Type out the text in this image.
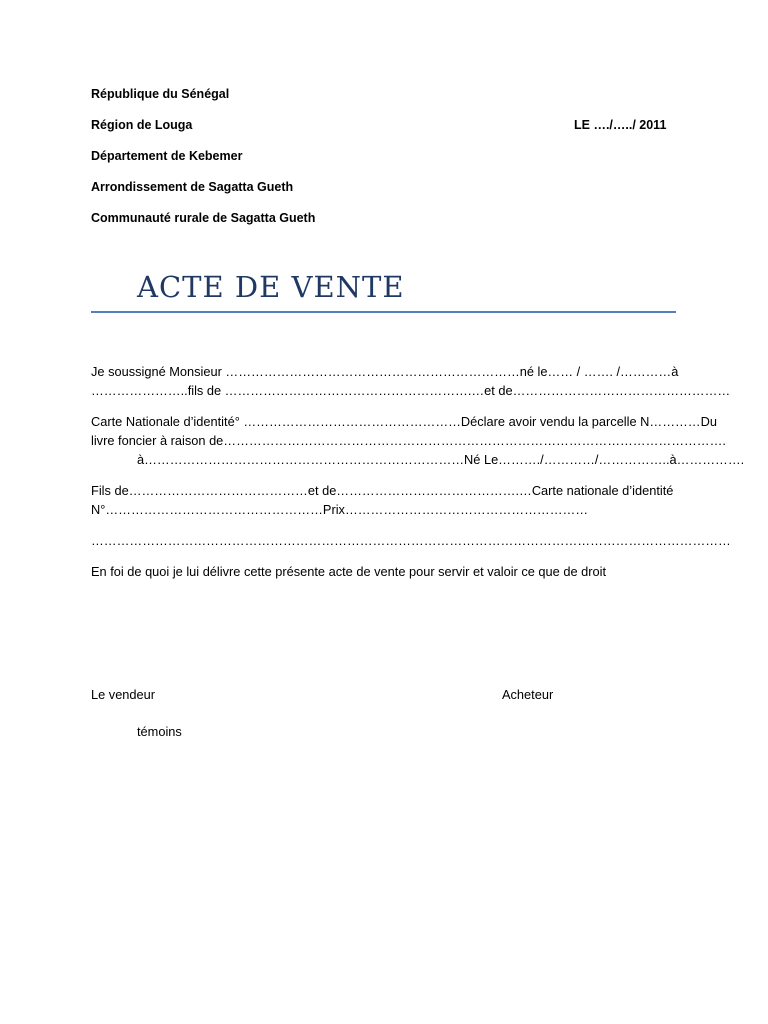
République du Sénégal
Région de Louga	LE …./…../ 2011
Département de Kebemer
Arrondissement de Sagatta Gueth
Communauté rurale de Sagatta Gueth
ACTE DE VENTE
Je soussigné Monsieur ……………………………………………………………né le…… / ……. /…………à
…………………..fils de ………………………………………………….…et de……………………………………………
Carte Nationale d’identité° ……………………………………………Déclare avoir vendu la parcelle N…………Du
livre foncier à raison de……………………………………………………………………………………………………….
à…………………………………………………………………Né Le………./…………/……………..à…………….
Fils de……………………………………et de…………………………………….…Carte nationale d’identité
N°……………………………………………Prix…………………………………………………
……………………………………………………………………………………………………………………………………
En foi de quoi je lui délivre cette présente acte de vente pour servir et valoir ce que de droit
Le vendeur	Acheteur
témoins
